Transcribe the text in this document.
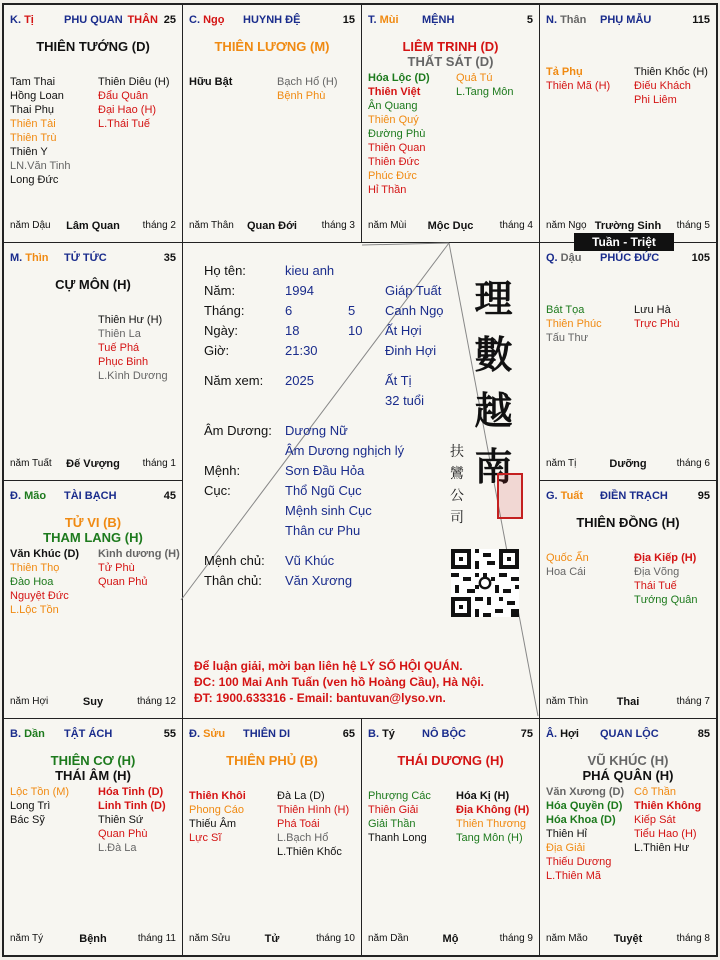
K. Tị	PHU QUAN THÂN 25
THIÊN TƯỚNG (D)
Tam Thai
Hồng Loan
Thai Phụ
Thiên Tài
Thiên Trù
Thiên Y
LN.Văn Tinh
Long Đức
Thiên Diêu (H)
Đẩu Quân
Đại Hao (H)
L.Thái Tuế
năm Dậu	Lâm Quan	tháng 2
C. Ngọ HUYNH ĐỆ	15
THIÊN LƯƠNG (M)
Hữu Bật	Bạch Hổ (H)
Bệnh Phù
năm Thân	Quan Đới	tháng 3
T. Mùi MỆNH	5
LIÊM TRINH (D)
THẤT SÁT (D)
Hóa Lộc (D)
Thiên Việt
Ân Quang
Thiên Quý
Đường Phù
Thiên Quan
Thiên Đức
Phúc Đức
Hỉ Thần
Quả Tú
L.Tang Môn
năm Mùi	Mộc Dục	tháng 4
N. Thân PHỤ MẪU	115
Tả Phụ
Thiên Mã (H)
Thiên Khốc (H)
Điếu Khách
Phi Liêm
năm Ngọ Trường Sinh	tháng 5
M. Thìn TỬ TỨC	35
CỰ MÔN (H)
Thiên Hư (H)
Thiên La
Tuế Phá
Phục Binh
L.Kình Dương
năm Tuất	Đế Vượng	tháng 1
Q. Dậu PHÚC ĐỨC	105
Bát Tọa
Thiên Phúc
Tấu Thư
Lưu Hà
Trực Phù
năm Tị	Dưỡng	tháng 6
Đ. Mão TÀI BẠCH	45
TỬ VI (B)
THAM LANG (H)
Văn Khúc (D)
Thiên Thọ
Đào Hoa
Nguyệt Đức
L.Lộc Tồn
Kình dương (H)
Tử Phù
Quan Phủ
năm Hợi	Suy	tháng 12
G. Tuất ĐIỀN TRẠCH	95
THIÊN ĐỒNG (H)
Quốc Ấn
Hoa Cái
Địa Kiếp (H)
Địa Võng
Thái Tuế
Tướng Quân
năm Thìn	Thai	tháng 7
B. Dần TẬT ÁCH	55
THIÊN CƠ (H)
THÁI ÂM (H)
Lộc Tồn (M)
Long Trì
Bác Sỹ
Hóa Tinh (D)
Linh Tinh (D)
Thiên Sứ
Quan Phù
L.Đà La
năm Tý	Bệnh	tháng 11
Đ. Sửu THIÊN DI	65
THIÊN PHỦ (B)
Thiên Khôi
Phong Cáo
Thiếu Âm
Lực Sĩ
Đà La (D)
Thiên Hình (H)
Phá Toái
L.Bạch Hổ
L.Thiên Khốc
năm Sửu	Tử	tháng 10
B. Tý NÔ BỘC	75
THÁI DƯƠNG (H)
Phượng Các
Thiên Giải
Giải Thần
Thanh Long
Hóa Kị (H)
Địa Không (H)
Thiên Thương
Tang Môn (H)
năm Dần	Mộ	tháng 9
Â. Hợi QUAN LỘC	85
VŨ KHÚC (H)
PHÁ QUÂN (H)
Văn Xương (D)
Hóa Quyền (D)
Hóa Khoa (D)
Thiên Hỉ
Địa Giải
Thiếu Dương
L.Thiên Mã
Cô Thần
Thiên Không
Kiếp Sát
Tiểu Hao (H)
L.Thiên Hư
năm Mão	Tuyệt	tháng 8
Tuần - Triệt
Họ tên:	kieu anh
Năm:	1994	Giáp Tuất
Tháng:	6	5 Canh Ngọ
Ngày:	18	10 Ất Hợi
Giờ:	21:30	Đinh Hợi
Năm xem: 2025	Ất Tị
32 tuổi
Âm Dương: Dương Nữ
Âm Dương nghịch lý
Mệnh:	Sơn Đầu Hỏa
Cục:	Thổ Ngũ Cục
Mệnh sinh Cục
Thân cư Phu
Mệnh chủ: Vũ Khúc
Thân chủ: Văn Xương
理
數
越
南
扶
鸞
公
司
Để luận giải, mời bạn liên hệ LÝ SỐ HỘI QUÁN.
ĐC: 100 Mai Anh Tuấn (ven hồ Hoàng Cầu), Hà Nội.
ĐT: 1900.633316 - Email: bantuvan@lyso.vn.
